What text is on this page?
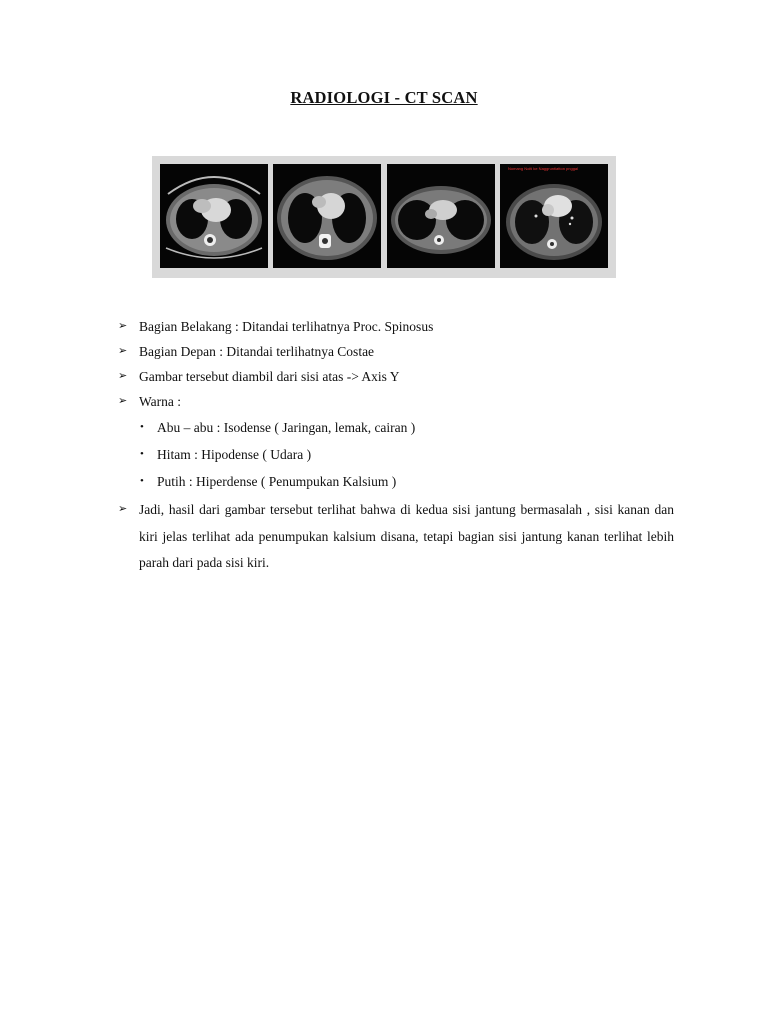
RADIOLOGI - CT SCAN
Nomang Noiti ke Naggruntiatton pnggal
➢ Bagian Belakang : Ditandai terlihatnya Proc. Spinosus
➢ Bagian Depan : Ditandai terlihatnya Costae
➢ Gambar tersebut diambil dari sisi atas -> Axis Y
➢ Warna :
• Abu – abu : Isodense ( Jaringan, lemak, cairan )
• Hitam : Hipodense ( Udara )
• Putih : Hiperdense ( Penumpukan Kalsium )
➢ Jadi, hasil dari gambar tersebut terlihat bahwa di kedua sisi jantung bermasalah , sisi kanan dan kiri jelas terlihat ada penumpukan kalsium disana, tetapi bagian sisi jantung kanan terlihat lebih parah dari pada sisi kiri.
